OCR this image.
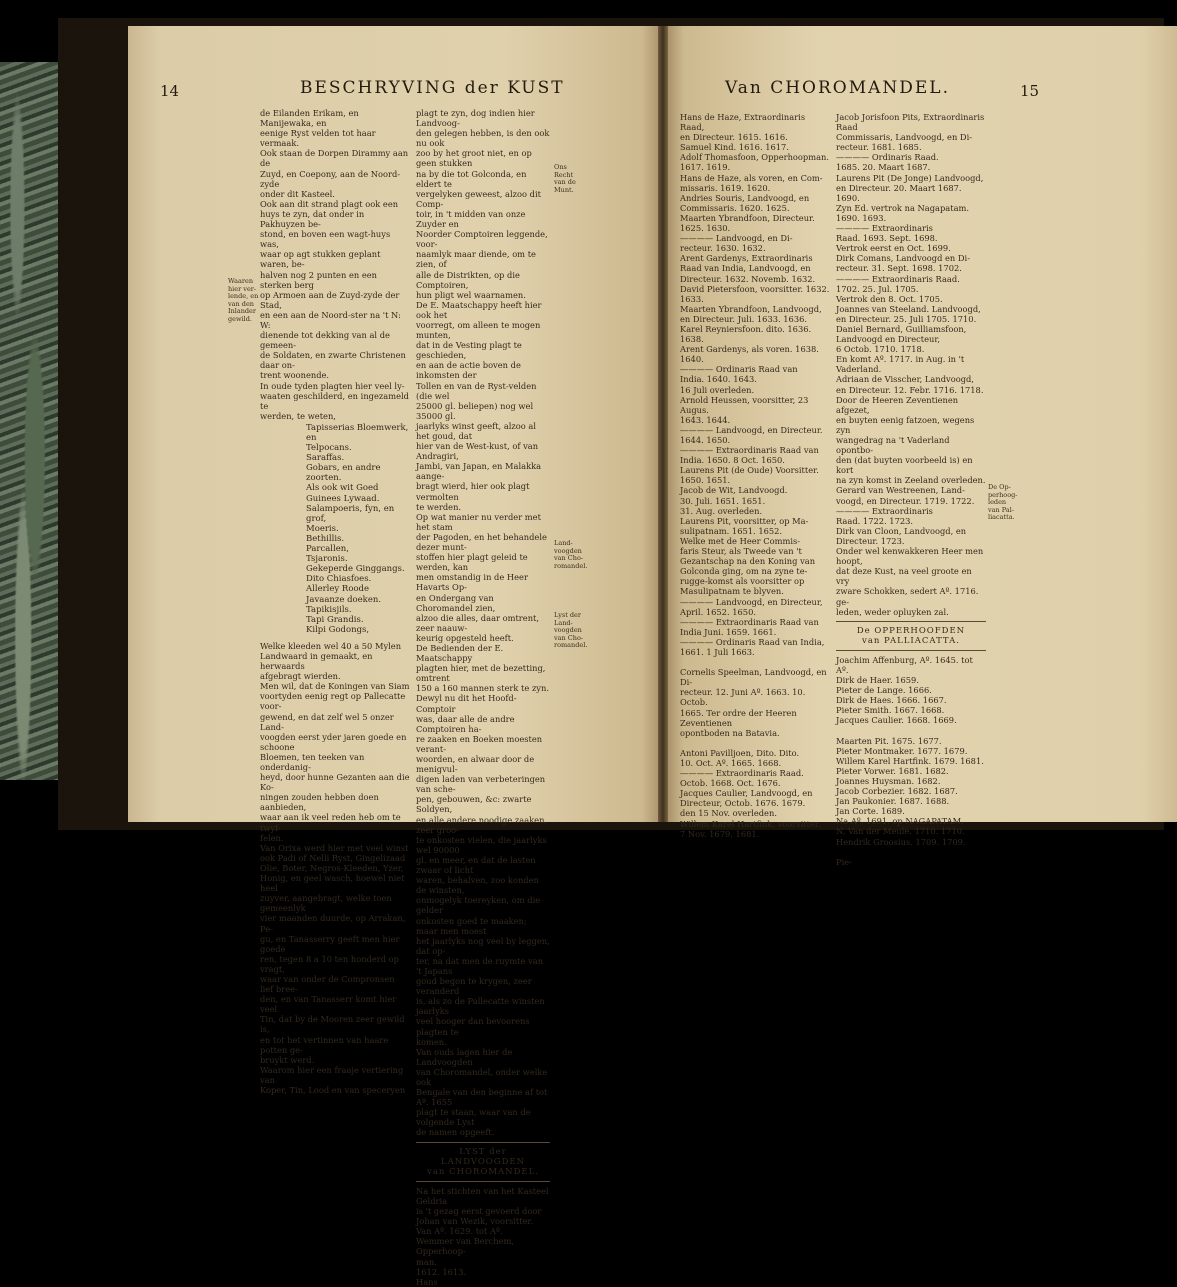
14	BESCHRYVING der KUST

de Eilanden Erikam, en Manijewaka, en

eenige Ryst velden tot haar vermaak.

Ook staan de Dorpen Dirammy aan de

Zuyd, en Coepony, aan de Noord-zyde

onder dit Kasteel.

Ook aan dit strand plagt ook een

huys te zyn, dat onder in Pakhuyzen be-

stond, en boven een wagt-huys was,

waar op agt stukken geplant waren, be-

halven nog 2 punten en een sterken berg

op Armoen aan de Zuyd-zyde der Stad,

en een aan de Noord-ster na 't N: W:

dienende tot dekking van al de gemeen-

de Soldaten, en zwarte Christenen daar on-

trent woonende.

In oude tyden plagten hier veel ly-

waaten geschilderd, en ingezameld te

werden, te weten,

Tapisserias Bloemwerk, en

Telpocans.

Saraffas.

Gobars, en andre zoorten.

Als ook wit Goed

Guinees Lywaad.

Salampoeris, fyn, en grof,

Moeris.

Bethillis.

Parcallen,

Tsjaronis.

Gekeperde Ginggangs.

Dito Chiasfoes.

Allerley Roode Javaanze doeken.

Tapikisjils.

Tapi Grandis.

Kilpi Godongs,

Welke kleeden wel 40 a 50 Mylen

Landwaard in gemaakt, en herwaards

afgebragt wierden.

Men wil, dat de Koningen van Siam

voortyden eenig regt op Pallecatte voor-

gewend, en dat zelf wel 5 onzer Land-

voogden eerst yder jaren goede en schoone

Bloemen, ten teeken van onderdanig-

heyd, door hunne Gezanten aan die Ko-

ningen zouden hebben doen aanbieden,

waar aan ik veel reden heb om te twyf-

felen.

Van Orixa werd hier met veel winst

ook Padi of Nelli Ryst, Gingelizaad

Olie, Boter, Negros-Kleeden, Yzer,

Honig, en geel wasch, hoewel niet heel

zuyver, aangebragt, welke toen gemeenlyk

vier maanden duurde, op Arrakan, Pe-

gu, en Tanasserry geeft men hier goede

ren, tegen 8 a 10 ten honderd op vragt,

waar van onder de Compronsen lief bree-

den, en van Tanasserr komt hier veel

Tin, dat by de Mooren zeer gewild is,

en tot het vertinnen van haare potten ge-

bruykt werd.

Waarom hier een fraaje vertiering van

Koper, Tin, Lood en van speceryen

Waaren hier ver-lende, en van den Inlander gewild.

plagt te zyn, dog indien hier Landvoog-

den gelegen hebben, is den ook nu ook

zoo by het groot niet, en op geen stukken

na by die tot Golconda, en eldert te

vergelyken geweest, alzoo dit Comp-

toir, in 't midden van onze Zuyder en

Noorder Comptoiren leggende, voor-

naamlyk maar diende, om te zien, of

alle de Distrikten, op die Comptoiren,

hun pligt wel waarnamen.

De E. Maatschappy heeft hier ook het

voorregt, om alleen te mogen munten,

dat in de Vesting plagt te geschieden,

en aan de actie boven de inkomsten der

Tollen en van de Ryst-velden (die wel

25000 gl. beliepen) nog wel 35000 gl.

jaarlyks winst geeft, alzoo al het goud, dat

hier van de West-kust, of van Andragiri,

Jambi, van Japan, en Malakka aange-

bragt wierd, hier ook plagt vermolten

te werden.

Op wat manier nu verder met het stam

der Pagoden, en het behandele dezer munt-

stoffen hier plagt geleid te werden, kan

men omstandig in de Heer Havarts Op-

en Ondergang van Choromandel zien,

alzoo die alles, daar omtrent, zeer naauw-

keurig opgesteld heeft.

De Bedienden der E. Maatschappy

plagten hier, met de bezetting, omtrent

150 a 160 mannen sterk te zyn.

Dewyl nu dit het Hoofd-Comptoir

was, daar alle de andre Comptoiren ha-

re zaaken en Boeken moesten verant-

woorden, en alwaar door de menigvul-

digen laden van verbeteringen van sche-

pen, gebouwen, &c: zwarte Soldyen,

en alle andere noodige zaaken, zeer groo-

te onkosten vielen, die jaarlyks wel 90000

gl. en meer, en dat de lasten zwaar of licht

waren, behalven, zoo konden de winsten,

onmogelyk toereyken, om die gelder

onkosten goed te maaken; maar men moest

het jaarlyks nog veel by leggen, dat op-

ter, na dat men de ruymte van 't Japans

goud begon te krygen, zeer veranderd

is, als zo de Pallecatte winsten jaarlyks

veel hooger dan bevoorens plagten te

komen.

Van ouds lagen hier de Landvoogden

van Choromandel, onder welke ook

Bengale van den beginne af tot Aº. 1655

plagt te staan, waar van de volgende Lyst

de namen opgeeft.

LYST der LANDVOOGDEN

van CHOROMANDEL.

Na het stichten van het Kasteel Geldria

is 't gezag eerst gevoerd door

Johan van Wezik, voorsitter.

Van Aº. 1629. tot Aº.

Wemmer van Berchem, Opperhoop-

man.

1612. 1613.

Hans

Ons Recht van de Munt.
Land-voogden van Cho-romandel.
Lyst der Land-voogden van Cho-romandel.
Van CHOROMANDEL.	15

Hans de Haze, Extraordinaris Raad,

en Directeur. 1615. 1616.

Samuel Kind. 1616. 1617.

Adolf Thomasfoon, Opperhoopman.

1617. 1619.

Hans de Haze, als voren, en Com-

missaris. 1619. 1620.

Andries Souris, Landvoogd, en

Commissaris. 1620. 1625.

Maarten Ybrandfoon, Directeur.

1625. 1630.

———— Landvoogd, en Di-

recteur. 1630. 1632.

Arent Gardenys, Extraordinaris

Raad van India, Landvoogd, en

Directeur. 1632. Novemb. 1632.

David Pietersfoon, voorsitter. 1632. 1633.

Maarten Ybrandfoon, Landvoogd,

en Directeur. Juli. 1633. 1636.

Karel Reyniersfoon. dito. 1636. 1638.

Arent Gardenys, als voren. 1638. 1640.

———— Ordinaris Raad van

India. 1640. 1643.

16 Juli overleden.

Arnold Heussen, voorsitter, 23 Augus.

1643. 1644.

———— Landvoogd, en Directeur.

1644. 1650.

———— Extraordinaris Raad van

India. 1650. 8 Oct. 1650.

Laurens Pit (de Oude) Voorsitter.

1650. 1651.

Jacob de Wit, Landvoogd.

30. Juli. 1651. 1651.

31. Aug. overleden.

Laurens Pit, voorsitter, op Ma-

sulipatnam. 1651. 1652.

Welke met de Heer Commis-

faris Steur, als Tweede van 't

Gezantschap na den Koning van

Golconda ging, om na zyne te-

rugge-komst als voorsitter op

Masulipatnam te blyven.

———— Landvoogd, en Directeur,

April. 1652. 1650.

———— Extraordinaris Raad van

India Juni. 1659. 1661.

———— Ordinaris Raad van India,

1661. 1 Juli 1663.

Cornelis Speelman, Landvoogd, en Di-

recteur. 12. Juni Aº. 1663. 10. Octob.

1665. Ter ordre der Heeren Zeventienen

opontboden na Batavia.

Antoni Pavilljoen, Dito. Dito.

10. Oct. Aº. 1665. 1668.

———— Extraordinaris Raad.

Octob. 1668. Oct. 1676.

Jacques Caulier, Landvoogd, en

Directeur, Octob. 1676. 1679.

den 15 Nov. overleden.

Willem Karel Hartfink, voorsitter.

7 Nov. 1679. 1681.

Jacob Jorisfoon Pits, Extraordinaris Raad

Commissaris, Landvoogd, en Di-

recteur. 1681. 1685.

———— Ordinaris Raad.

1685. 20. Maart 1687.

Laurens Pit (De Jonge) Landvoogd,

en Directeur. 20. Maart 1687. 1690.

Zyn Ed. vertrok na Nagapatam.

1690. 1693.

———— Extraordinaris

Raad. 1693. Sept. 1698.

Vertrok eerst en Oct. 1699.

Dirk Comans, Landvoogd en Di-

recteur. 31. Sept. 1698. 1702.

———— Extraordinaris Raad.

1702. 25. Jul. 1705.

Vertrok den 8. Oct. 1705.

Joannes van Steeland. Landvoogd,

en Directeur. 25. Juli 1705. 1710.

Daniel Bernard, Guilliamsfoon,

Landvoogd en Directeur,

6 Octob. 1710. 1718.

En komt Aº. 1717. in Aug. in 't

Vaderland.

Adriaan de Visscher, Landvoogd,

en Directeur. 12. Febr. 1716. 1718.

Door de Heeren Zeventienen afgezet,

en buyten eenig fatzoen, wegens zyn

wangedrag na 't Vaderland opontbo-

den (dat buyten voorbeeld is) en kort

na zyn komst in Zeeland overleden.

Gerard van Westreenen, Land-

voogd, en Directeur. 1719. 1722.

———— Extraordinaris

Raad. 1722. 1723.

Dirk van Cloon, Landvoogd, en

Directeur. 1723.

Onder wel kenwakkeren Heer men hoopt,

dat deze Kust, na veel groote en vry

zware Schokken, sedert Aº. 1716. ge-

leden, weder opluyken zal.

De OPPERHOOFDEN

van PALLIACATTA.

Joachim Affenburg, Aº. 1645. tot Aº.

Dirk de Haer. 1659.

Pieter de Lange. 1666.

Dirk de Haes. 1666. 1667.

Pieter Smith. 1667. 1668.

Jacques Caulier. 1668. 1669.

Maarten Pit. 1675. 1677.

Pieter Montmaker. 1677. 1679.

Willem Karel Hartfink. 1679. 1681.

Pieter Vorwer. 1681. 1682.

Joannes Huysman. 1682.

Jacob Corbezier. 1682. 1687.

Jan Paukonier. 1687. 1688.

Jan Corte. 1689.

Na Aº. 1691. op NAGAPATAM.

N. Van der Meule. 1710. 1710.

Hendrik Groosius. 1709. 1709.

Pie-

De Op-perhoog-leden van Pal-liacatta.
